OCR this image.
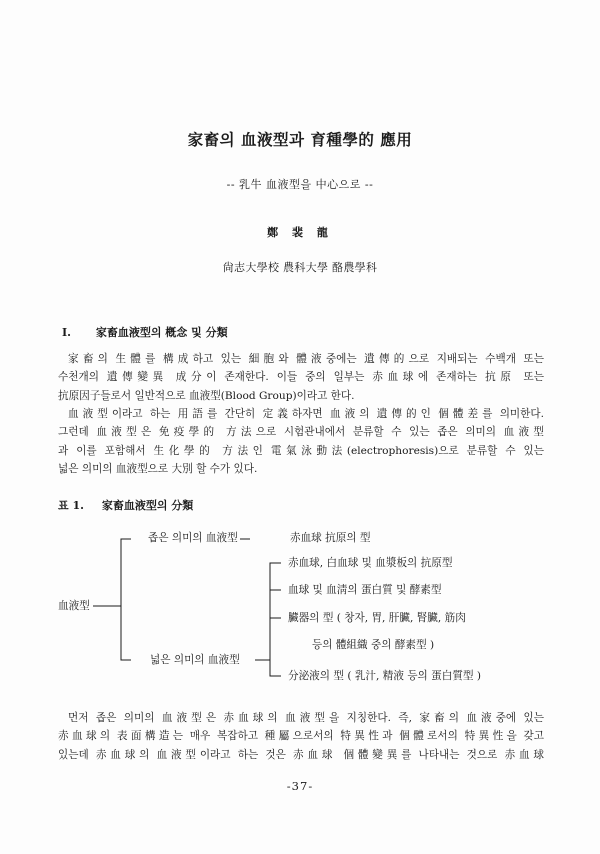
家畜의 血液型과 育種學的 應用
-- 乳牛 血液型을 中心으로 --
鄭 裴 龍
尙志大學校 農科大學 酪農學科
I. 家畜血液型의 槪念 및 分類
家畜의 生體를 構成하고 있는 細胞와 體液중에는 遺傳的으로 지배되는 수백개 또는
수천개의 遺傳變異 成分이 존재한다. 이들 중의 일부는 赤血球에 존재하는 抗原 또는
抗原因子들로서 일반적으로 血液型(Blood Group)이라고 한다.
血液型이라고 하는 用語를 간단히 定義하자면 血液의 遺傳的인 個體差를 의미한다.
그런데 血液型은 免疫學的 方法으로 시험관내에서 분류할 수 있는 좁은 의미의 血液型
과 이를 포함해서 生化學的 方法인 電氣泳動法(electrophoresis)으로 분류할 수 있는
넓은 의미의 血液型으로 大別 할 수가 있다.
표 1. 家畜血液型의 分類
血液型
좁은 의미의 血液型	赤血球 抗原의 型
넓은 의미의 血液型
赤血球, 白血球 및 血漿板의 抗原型
血球 및 血淸의 蛋白質 및 酵素型
臟器의 型 ( 창자, 胃, 肝臟, 腎臟, 筋肉
등의 體組織 중의 酵素型 )
分泌液의 型 ( 乳汁, 精液 등의 蛋白質型 )
먼저 좁은 의미의 血液型은 赤血球의 血液型을 지칭한다. 즉, 家畜의 血液중에 있는
赤血球의 表面構造는 매우 복잡하고 種屬으로서의 特異性과 個體로서의 特異性을 갖고
있는데 赤血球의 血液型이라고 하는 것은 赤血球 個體變異를 나타내는 것으로 赤血球
-37-
